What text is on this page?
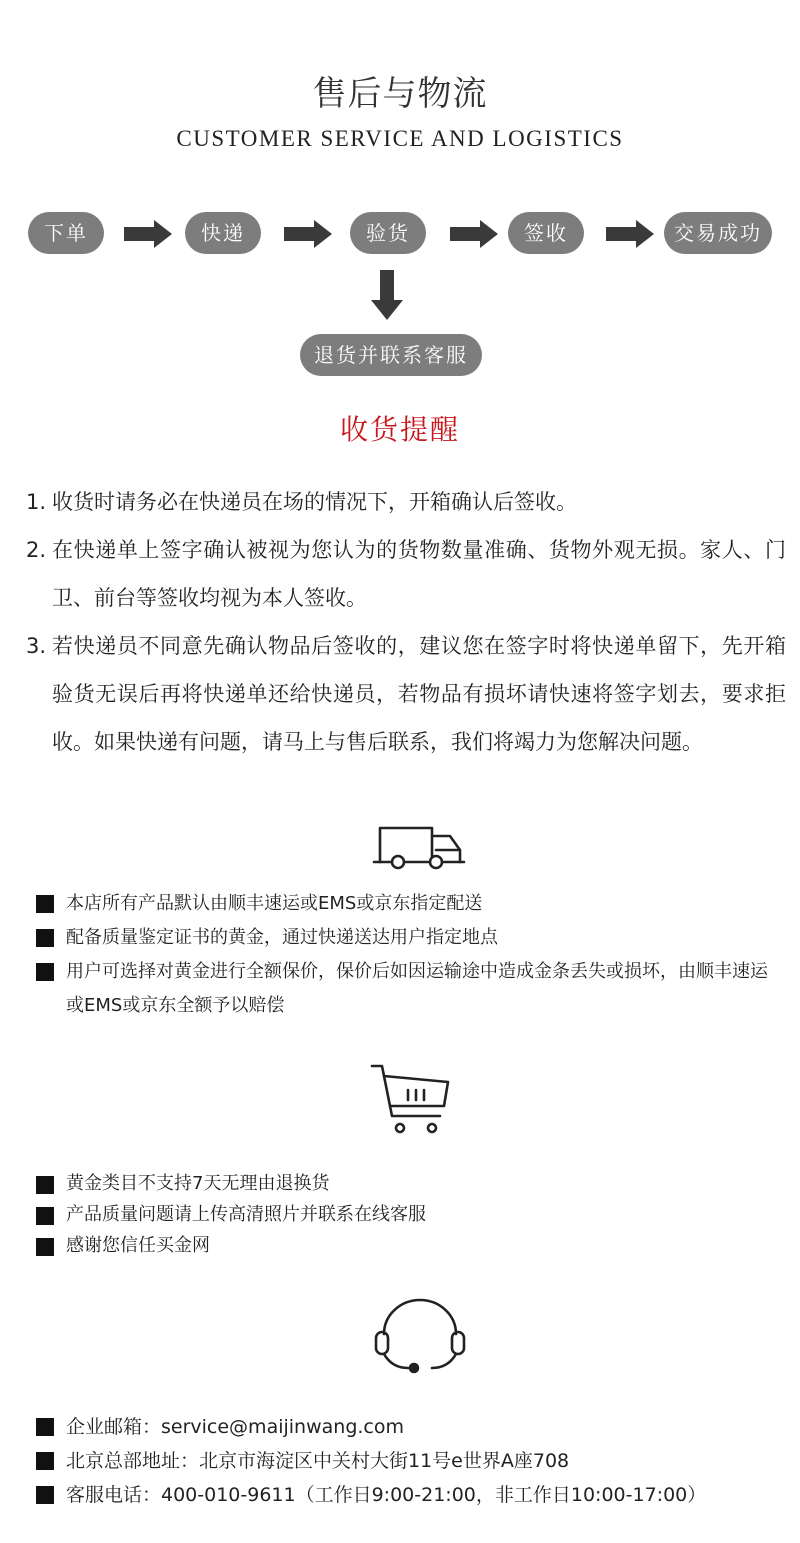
售后与物流
CUSTOMER SERVICE AND LOGISTICS
下单	快递	验货	签收	交易成功
退货并联系客服
收货提醒
1. 收货时请务必在快递员在场的情况下，开箱确认后签收。
2. 在快递单上签字确认被视为您认为的货物数量准确、货物外观无损。家人、门卫、前台等签收均视为本人签收。
3. 若快递员不同意先确认物品后签收的，建议您在签字时将快递单留下，先开箱验货无误后再将快递单还给快递员，若物品有损坏请快速将签字划去，要求拒收。如果快递有问题，请马上与售后联系，我们将竭力为您解决问题。
本店所有产品默认由顺丰速运或EMS或京东指定配送
配备质量鉴定证书的黄金，通过快递送达用户指定地点
用户可选择对黄金进行全额保价，保价后如因运输途中造成金条丢失或损坏，由顺丰速运或EMS或京东全额予以赔偿
黄金类目不支持7天无理由退换货
产品质量问题请上传高清照片并联系在线客服
感谢您信任买金网
企业邮箱：service@maijinwang.com
北京总部地址：北京市海淀区中关村大街11号e世界A座708
客服电话：400-010-9611（工作日9:00-21:00，非工作日10:00-17:00）
